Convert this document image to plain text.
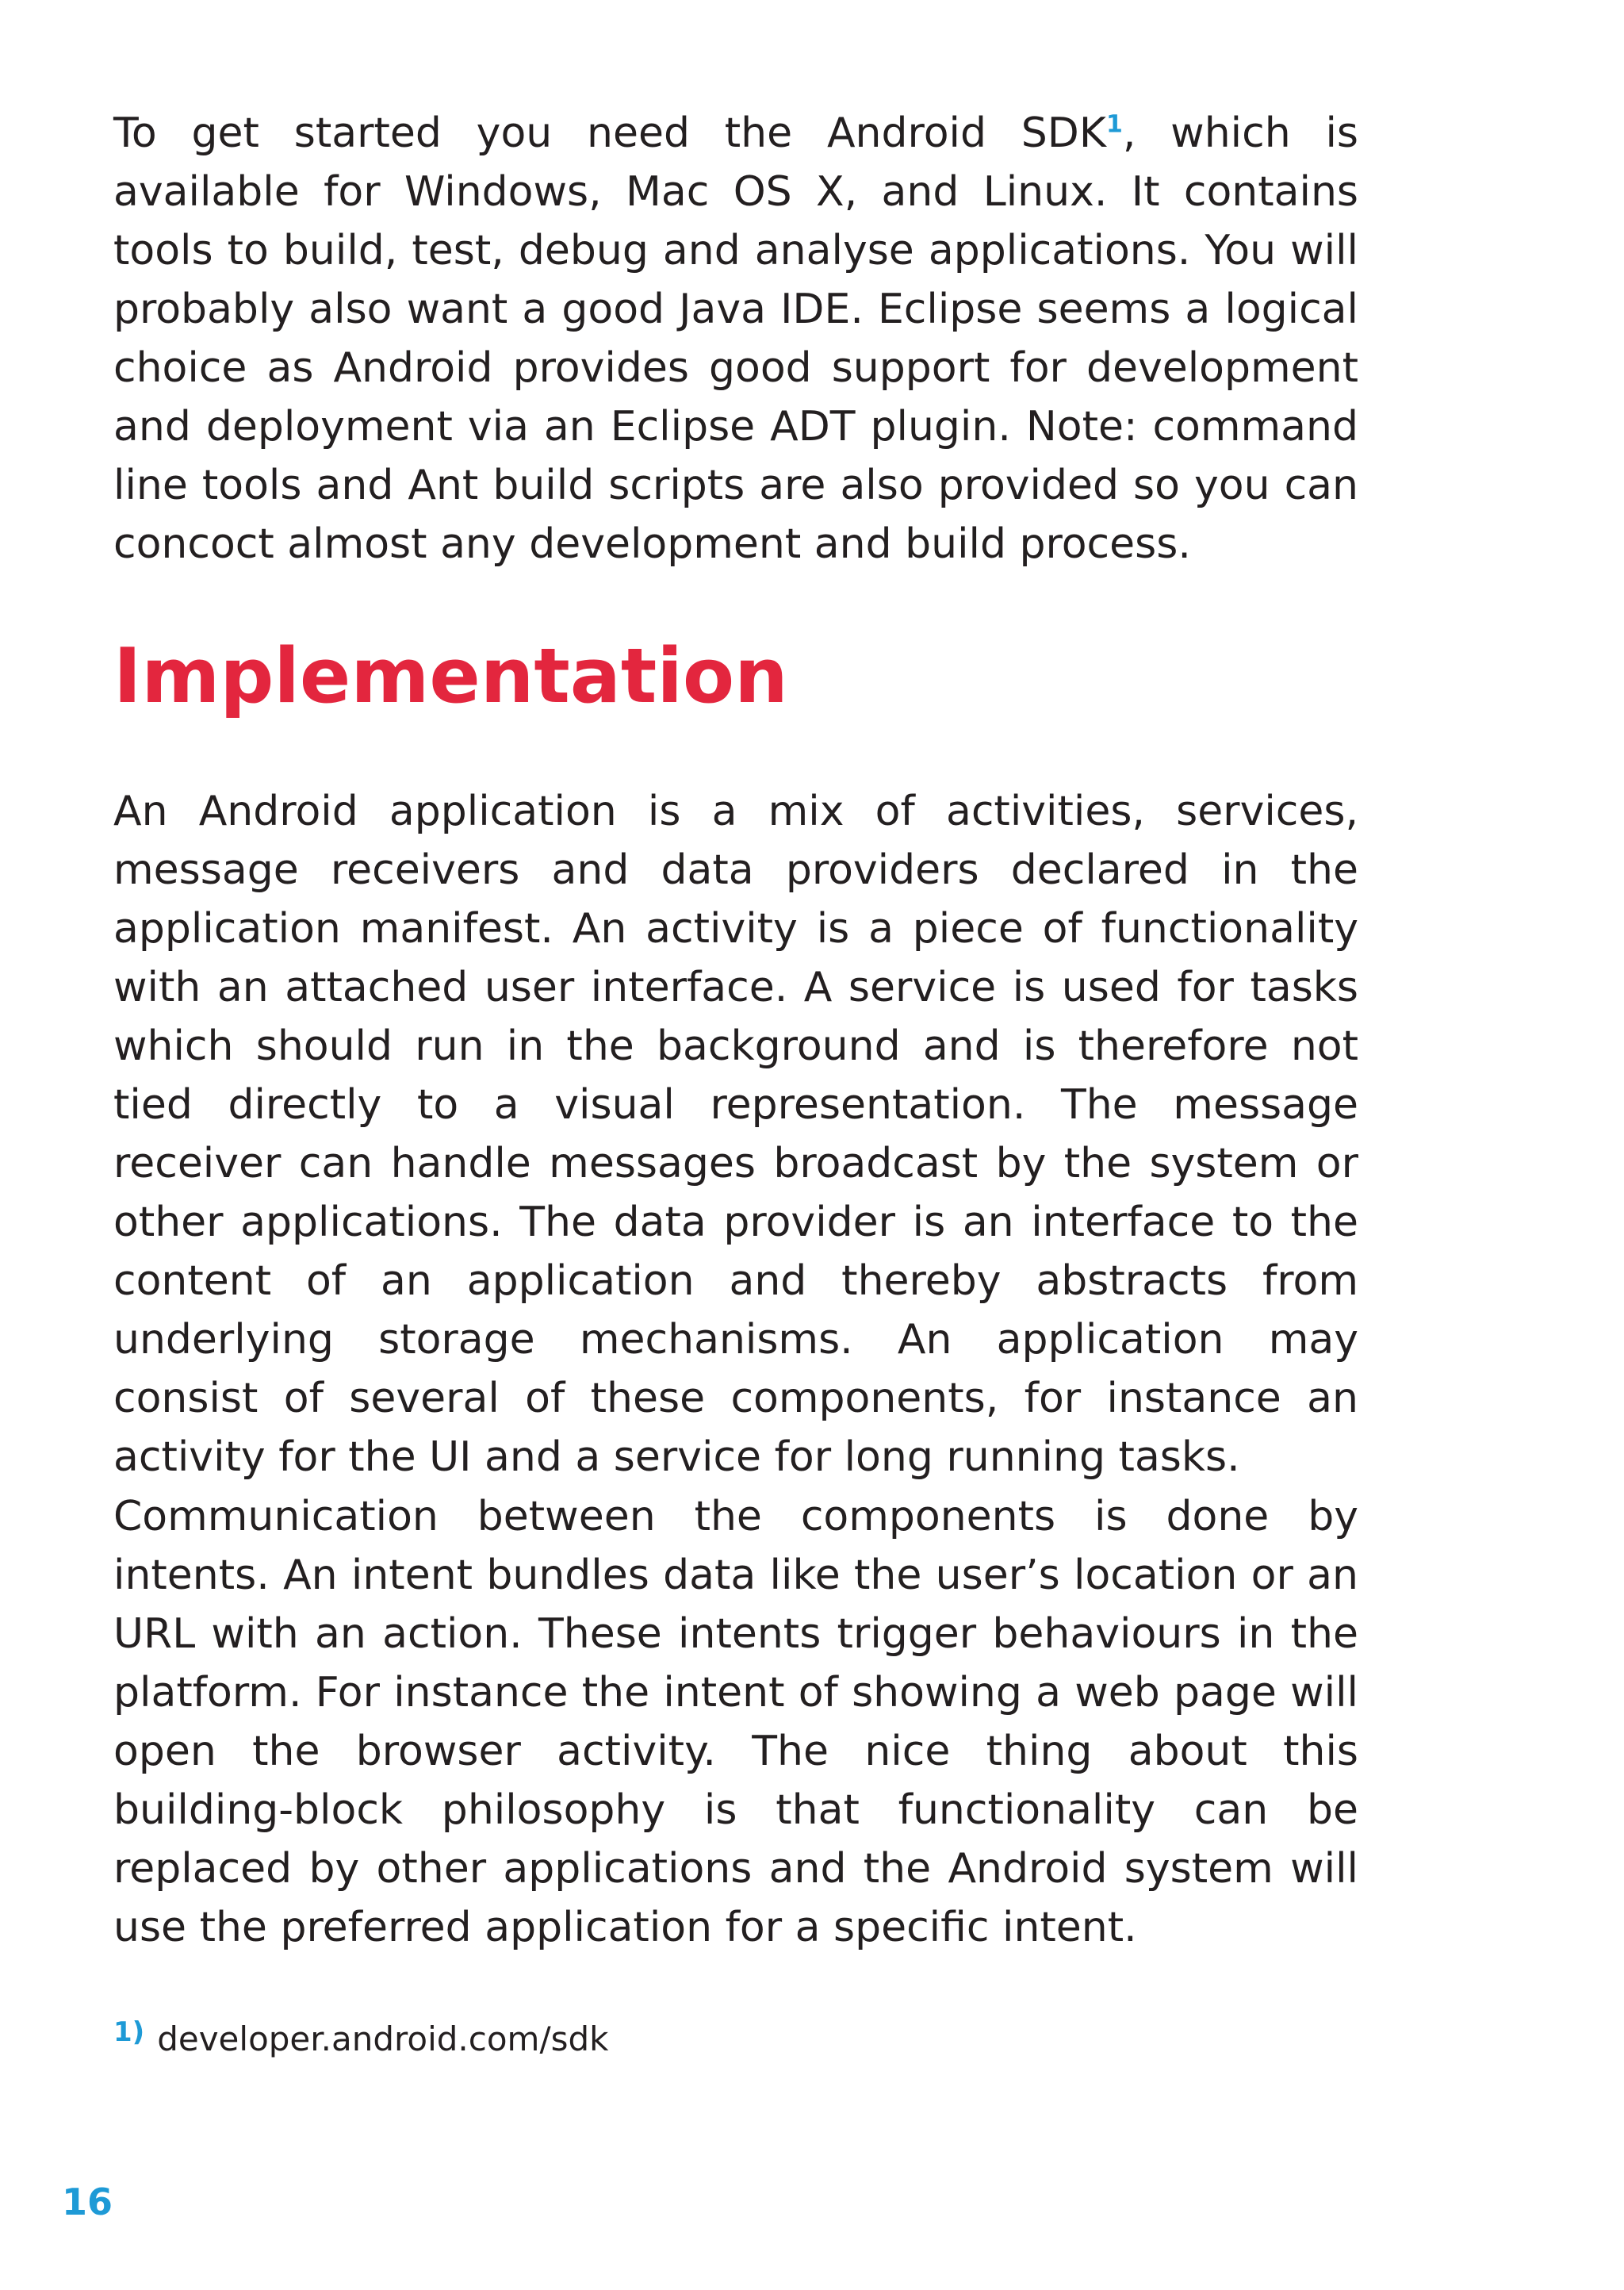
To get started you need the Android SDK$^1$, which is available for Windows, Mac OS X, and Linux. It contains tools to build, test, debug and analyse applications. You will probably also want a good Java IDE. Eclipse seems a logical choice as Android provides good support for development and deployment via an Eclipse ADT plugin. Note: command line tools and Ant build scripts are also provided so you can concoct almost any development and build process.

Implementation

An Android application is a mix of activities, services, message receivers and data providers declared in the application manifest. An activity is a piece of functionality with an attached user interface. A service is used for tasks which should run in the background and is therefore not tied directly to a visual representation. The message receiver can handle messages broadcast by the system or other applications. The data provider is an interface to the content of an application and thereby abstracts from underlying storage mechanisms. An application may consist of several of these components, for instance an activity for the UI and a service for long running tasks.

Communication between the components is done by intents. An intent bundles data like the user’s location or an URL with an action. These intents trigger behaviours in the platform. For instance the intent of showing a web page will open the browser activity. The nice thing about this building-block philosophy is that functionality can be replaced by other applications and the Android system will use the preferred application for a specific intent.

$^{1)}$ developer.android.com/sdk
16
